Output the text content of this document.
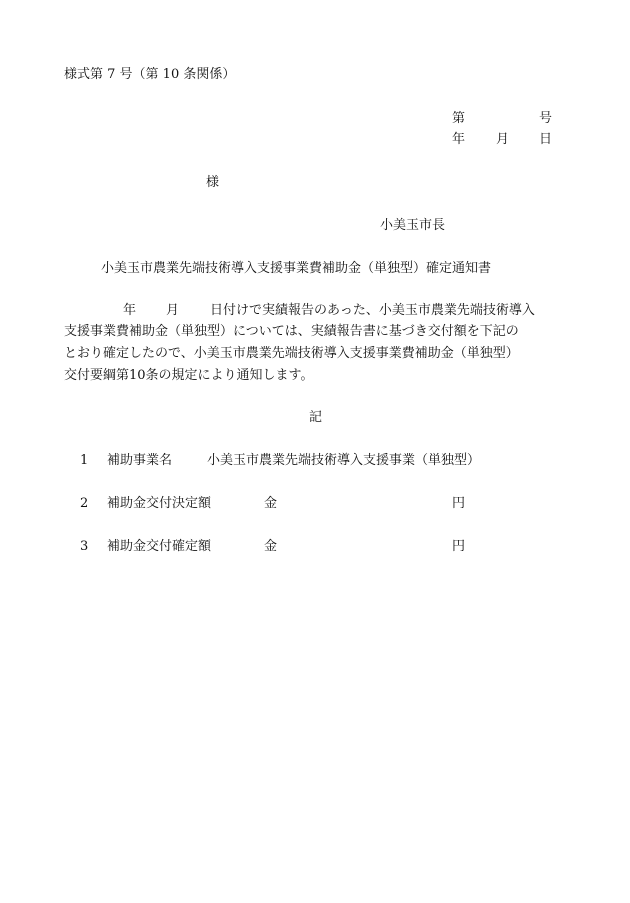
様式第 7 号（第 10 条関係）
第	号
年 月 日
様
小美玉市長
小美玉市農業先端技術導入支援事業費補助金（単独型）確定通知書
年 月 日付けで実績報告のあった、小美玉市農業先端技術導入
支援事業費補助金（単独型）については、実績報告書に基づき交付額を下記の
とおり確定したので、小美玉市農業先端技術導入支援事業費補助金（単独型）
交付要綱第10条の規定により通知します。
記
1 補助事業名	小美玉市農業先端技術導入支援事業（単独型）
2 補助金交付決定額	金	円
3 補助金交付確定額	金	円
